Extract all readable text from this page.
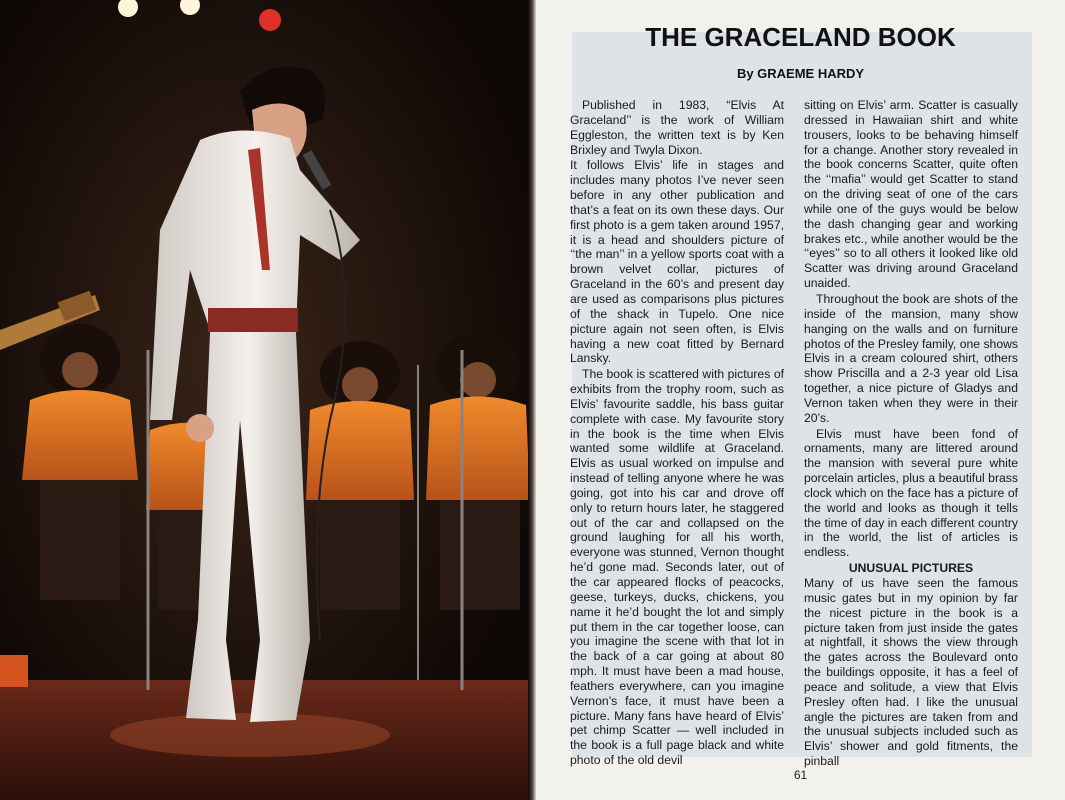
THE GRACELAND BOOK
By GRAEME HARDY

Published in 1983, “Elvis At Graceland’’ is the work of William Eggleston, the written text is by Ken Brixley and Twyla Dixon.

It follows Elvis’ life in stages and includes many photos I’ve never seen before in any other publication and that’s a feat on its own these days. Our first photo is a gem taken around 1957, it is a head and shoulders picture of ‘‘the man’’ in a yellow sports coat with a brown velvet collar, pictures of Graceland in the 60’s and present day are used as comparisons plus pictures of the shack in Tupelo. One nice picture again not seen often, is Elvis having a new coat fitted by Bernard Lansky.

The book is scattered with pictures of exhibits from the trophy room, such as Elvis’ favourite saddle, his bass guitar complete with case. My favourite story in the book is the time when Elvis wanted some wildlife at Graceland. Elvis as usual worked on impulse and instead of telling anyone where he was going, got into his car and drove off only to return hours later, he staggered out of the car and collapsed on the ground laughing for all his worth, everyone was stunned, Vernon thought he’d gone mad. Seconds later, out of the car appeared flocks of peacocks, geese, turkeys, ducks, chickens, you name it he’d bought the lot and simply put them in the car together loose, can you imagine the scene with that lot in the back of a car going at about 80 mph. It must have been a mad house, feathers everywhere, can you imagine Vernon’s face, it must have been a picture. Many fans have heard of Elvis’ pet chimp Scatter — well included in the book is a full page black and white photo of the old devil

sitting on Elvis’ arm. Scatter is casually dressed in Hawaiian shirt and white trousers, looks to be behaving himself for a change. Another story revealed in the book concerns Scatter, quite often the ‘‘mafia’’ would get Scatter to stand on the driving seat of one of the cars while one of the guys would be below the dash changing gear and working brakes etc., while another would be the ‘‘eyes’’ so to all others it looked like old Scatter was driving around Graceland unaided.

Throughout the book are shots of the inside of the mansion, many show hanging on the walls and on furniture photos of the Presley family, one shows Elvis in a cream coloured shirt, others show Priscilla and a 2-3 year old Lisa together, a nice picture of Gladys and Vernon taken when they were in their 20’s.

Elvis must have been fond of ornaments, many are littered around the mansion with several pure white porcelain articles, plus a beautiful brass clock which on the face has a picture of the world and looks as though it tells the time of day in each different country in the world, the list of articles is endless.

UNUSUAL PICTURES

Many of us have seen the famous music gates but in my opinion by far the nicest picture in the book is a picture taken from just inside the gates at nightfall, it shows the view through the gates across the Boulevard onto the buildings opposite, it has a feel of peace and solitude, a view that Elvis Presley often had. I like the unusual angle the pictures are taken from and the unusual subjects included such as Elvis’ shower and gold fitments, the pinball

61
